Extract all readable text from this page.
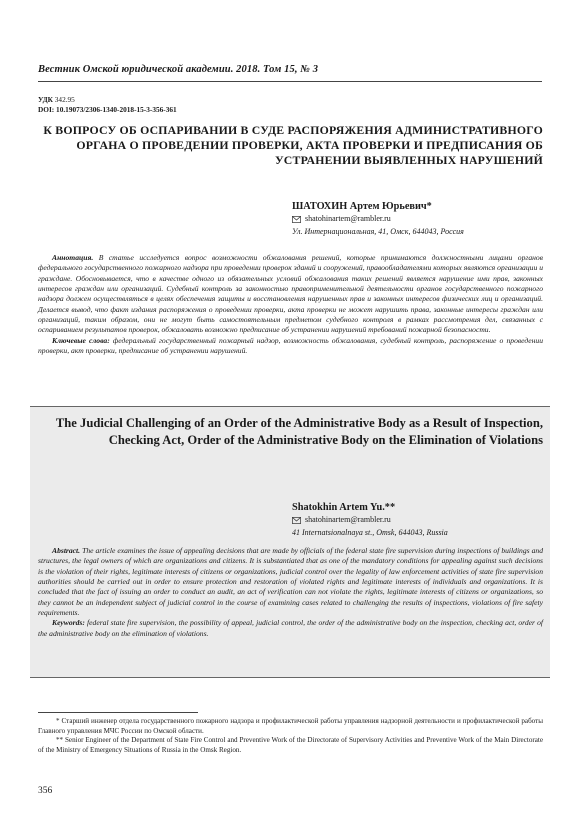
Вестник Омской юридической академии. 2018. Том 15, № 3
УДК 342.95
DOI: 10.19073/2306-1340-2018-15-3-356-361
К ВОПРОСУ ОБ ОСПАРИВАНИИ В СУДЕ РАСПОРЯЖЕНИЯ АДМИНИСТРАТИВНОГО ОРГАНА О ПРОВЕДЕНИИ ПРОВЕРКИ, АКТА ПРОВЕРКИ И ПРЕДПИСАНИЯ ОБ УСТРАНЕНИИ ВЫЯВЛЕННЫХ НАРУШЕНИЙ
ШАТОХИН Артем Юрьевич*
shatohinartem@rambler.ru
Ул. Интернациональная, 41, Омск, 644043, Россия
Аннотация. В статье исследуется вопрос возможности обжалования решений, которые принимаются должностными лицами органов федерального государственного пожарного надзора при проведении проверок зданий и сооружений, правообладателями которых являются организации и граждане. Обосновывается, что в качестве одного из обязательных условий обжалования таких решений является нарушение ими прав, законных интересов граждан или организаций. Судебный контроль за законностью правоприменительной деятельности органов государственного пожарного надзора должен осуществляться в целях обеспечения защиты и восстановления нарушенных прав и законных интересов физических лиц и организаций. Делается вывод, что факт издания распоряжения о проведении проверки, акта проверки не может нарушить права, законные интересы граждан или организаций, таким образом, они не могут быть самостоятельным предметом судебного контроля в рамках рассмотрения дел, связанных с оспариванием результатов проверок, обжаловать возможно предписание об устранении нарушений требований пожарной безопасности.
Ключевые слова: федеральный государственный пожарный надзор, возможность обжалования, судебный контроль, распоряжение о проведении проверки, акт проверки, предписание об устранении нарушений.
The Judicial Challenging of an Order of the Administrative Body as a Result of Inspection, Checking Act, Order of the Administrative Body on the Elimination of Violations
Shatokhin Artem Yu.**
shatohinartem@rambler.ru
41 Internatsionalnaya st., Omsk, 644043, Russia
Abstract. The article examines the issue of appealing decisions that are made by officials of the federal state fire supervision during inspections of buildings and structures, the legal owners of which are organizations and citizens. It is substantiated that as one of the mandatory conditions for appealing against such decisions is the violation of their rights, legitimate interests of citizens or organizations, judicial control over the legality of law enforcement activities of state fire supervision authorities should be carried out in order to ensure protection and restoration of violated rights and legitimate interests of individuals and organizations. It is concluded that the fact of issuing an order to conduct an audit, an act of verification can not violate the rights, legitimate interests of citizens or organizations, so they cannot be an independent subject of judicial control in the course of examining cases related to challenging the results of inspections, violations of fire safety requirements.
Keywords: federal state fire supervision, the possibility of appeal, judicial control, the order of the administrative body on the inspection, checking act, order of the administrative body on the elimination of violations.

* Старший инженер отдела государственного пожарного надзора и профилактической работы управления надзорной деятельности и профилактической работы Главного управления МЧС России по Омской области.

** Senior Engineer of the Department of State Fire Control and Preventive Work of the Directorate of Supervisory Activities and Preventive Work of the Main Directorate of the Ministry of Emergency Situations of Russia in the Omsk Region.

356
